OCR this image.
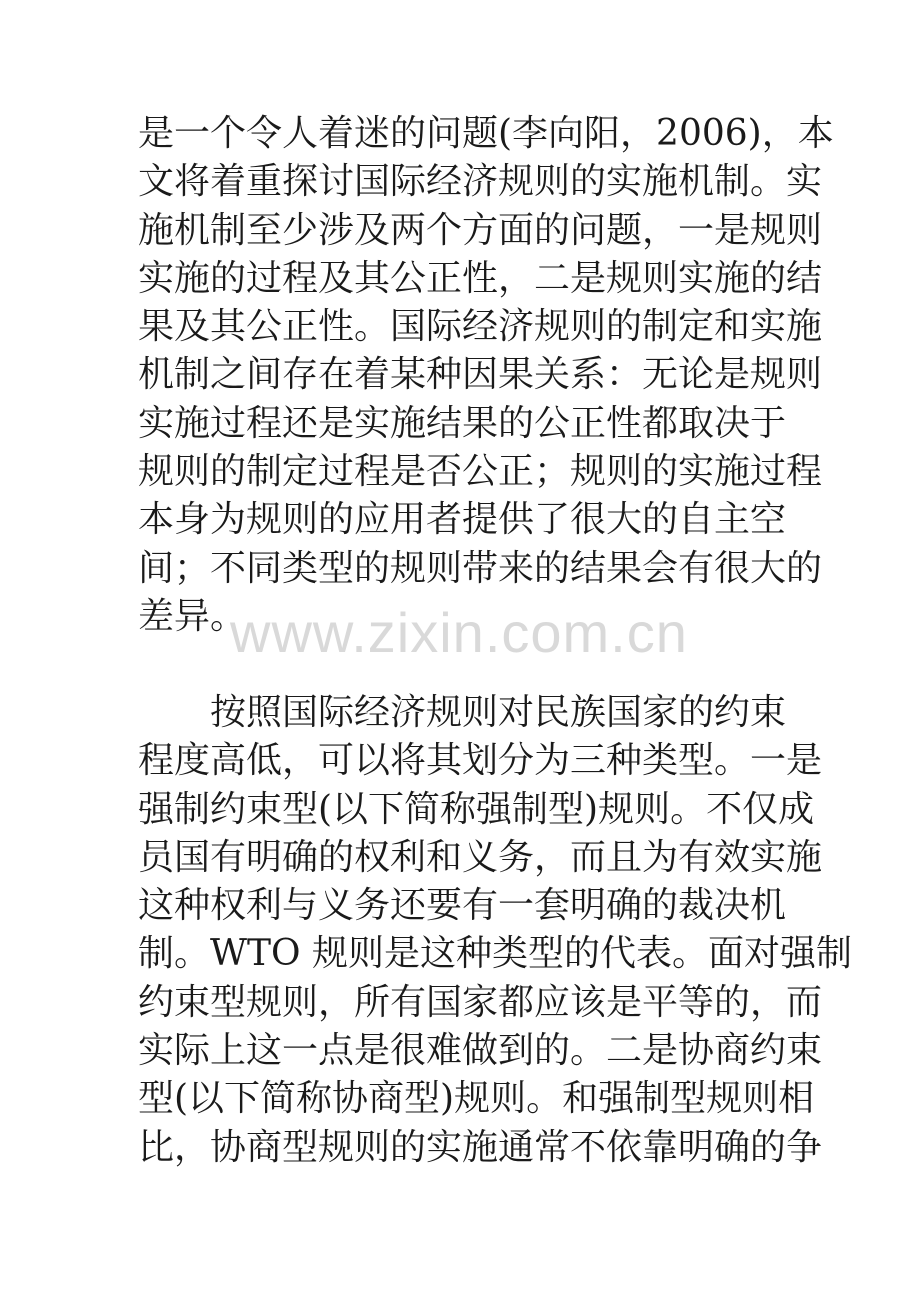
是一个令人着迷的问题(李向阳，2006)，本
文将着重探讨国际经济规则的实施机制。实
施机制至少涉及两个方面的问题，一是规则
实施的过程及其公正性，二是规则实施的结
果及其公正性。国际经济规则的制定和实施
机制之间存在着某种因果关系：无论是规则
实施过程还是实施结果的公正性都取决于
规则的制定过程是否公正；规则的实施过程
本身为规则的应用者提供了很大的自主空
间；不同类型的规则带来的结果会有很大的
差异。
www.zixin.com.cn
按照国际经济规则对民族国家的约束
程度高低，可以将其划分为三种类型。一是
强制约束型(以下简称强制型)规则。不仅成
员国有明确的权利和义务，而且为有效实施
这种权利与义务还要有一套明确的裁决机
制。WTO 规则是这种类型的代表。面对强制
约束型规则，所有国家都应该是平等的，而
实际上这一点是很难做到的。二是协商约束
型(以下简称协商型)规则。和强制型规则相
比，协商型规则的实施通常不依靠明确的争
